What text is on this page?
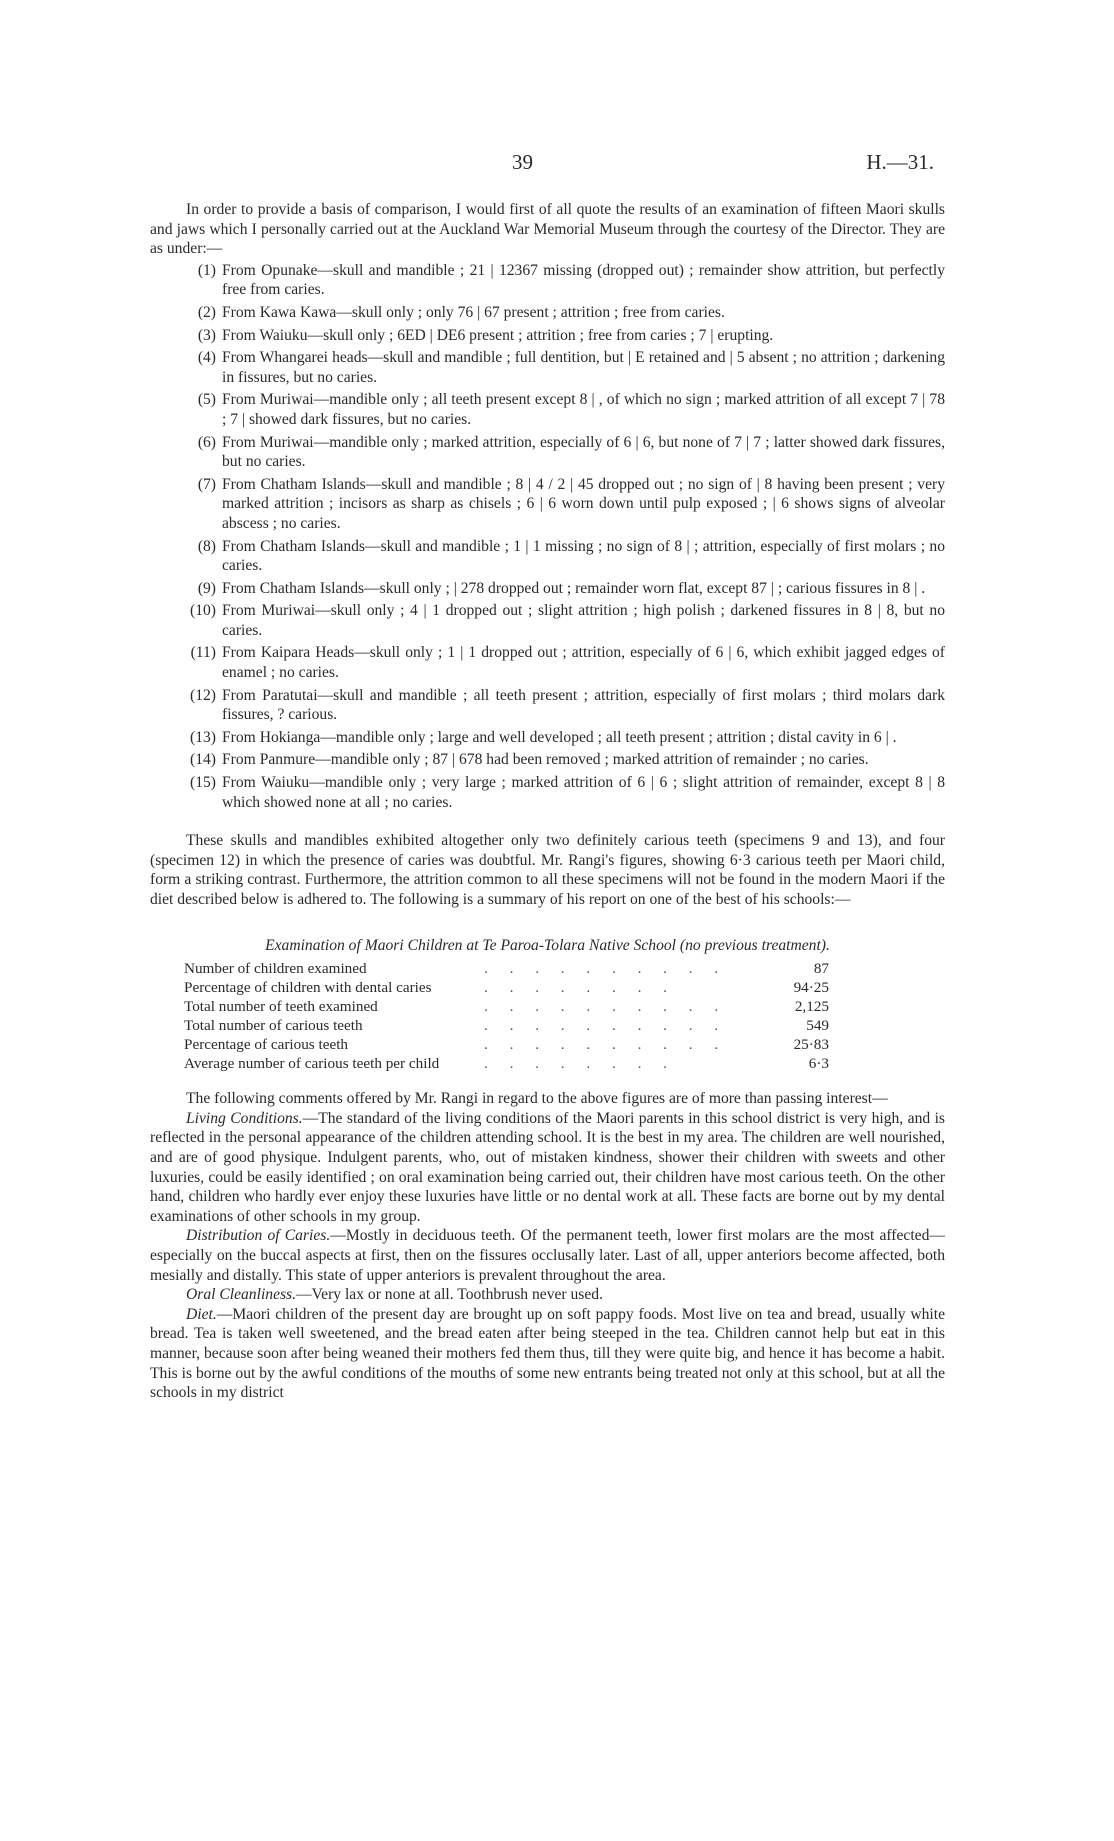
39	H.—31.

In order to provide a basis of comparison, I would first of all quote the results of an examination of fifteen Maori skulls and jaws which I personally carried out at the Auckland War Memorial Museum through the courtesy of the Director. They are as under:—

(1) From Opunake—skull and mandible ; 21 | 12367 missing (dropped out) ; remainder show attrition, but perfectly free from caries.
(2) From Kawa Kawa—skull only ; only 76 | 67 present ; attrition ; free from caries.
(3) From Waiuku—skull only ; 6ED | DE6 present ; attrition ; free from caries ; 7 | erupting.
(4) From Whangarei heads—skull and mandible ; full dentition, but | E retained and | 5 absent ; no attrition ; darkening in fissures, but no caries.
(5) From Muriwai—mandible only ; all teeth present except 8 | , of which no sign ; marked attrition of all except 7 | 78 ; 7 | showed dark fissures, but no caries.
(6) From Muriwai—mandible only ; marked attrition, especially of 6 | 6, but none of 7 | 7 ; latter showed dark fissures, but no caries.
(7) From Chatham Islands—skull and mandible ; 8 | 4 / 2 | 45 dropped out ; no sign of | 8 having been present ; very marked attrition ; incisors as sharp as chisels ; 6 | 6 worn down until pulp exposed ; | 6 shows signs of alveolar abscess ; no caries.
(8) From Chatham Islands—skull and mandible ; 1 | 1 missing ; no sign of 8 | ; attrition, especially of first molars ; no caries.
(9) From Chatham Islands—skull only ; | 278 dropped out ; remainder worn flat, except 87 | ; carious fissures in 8 | .
(10) From Muriwai—skull only ; 4 | 1 dropped out ; slight attrition ; high polish ; darkened fissures in 8 | 8, but no caries.
(11) From Kaipara Heads—skull only ; 1 | 1 dropped out ; attrition, especially of 6 | 6, which exhibit jagged edges of enamel ; no caries.
(12) From Paratutai—skull and mandible ; all teeth present ; attrition, especially of first molars ; third molars dark fissures, ? carious.
(13) From Hokianga—mandible only ; large and well developed ; all teeth present ; attrition ; distal cavity in 6 | .
(14) From Panmure—mandible only ; 87 | 678 had been removed ; marked attrition of remainder ; no caries.
(15) From Waiuku—mandible only ; very large ; marked attrition of 6 | 6 ; slight attrition of remainder, except 8 | 8 which showed none at all ; no caries.

These skulls and mandibles exhibited altogether only two definitely carious teeth (specimens 9 and 13), and four (specimen 12) in which the presence of caries was doubtful. Mr. Rangi's figures, showing 6·3 carious teeth per Maori child, form a striking contrast. Furthermore, the attrition common to all these specimens will not be found in the modern Maori if the diet described below is adhered to. The following is a summary of his report on one of the best of his schools:—

Examination of Maori Children at Te Paroa-Tolara Native School (no previous treatment).
Number of children examined	. . . . . . . . . .	87
Percentage of children with dental caries	. . . . . . . .	94·25
Total number of teeth examined	. . . . . . . . . .	2,125
Total number of carious teeth	. . . . . . . . . .	549
Percentage of carious teeth	. . . . . . . . . .	25·83
Average number of carious teeth per child	. . . . . . . .	6·3

The following comments offered by Mr. Rangi in regard to the above figures are of more than passing interest—

Living Conditions.—The standard of the living conditions of the Maori parents in this school district is very high, and is reflected in the personal appearance of the children attending school. It is the best in my area. The children are well nourished, and are of good physique. Indulgent parents, who, out of mistaken kindness, shower their children with sweets and other luxuries, could be easily identified ; on oral examination being carried out, their children have most carious teeth. On the other hand, children who hardly ever enjoy these luxuries have little or no dental work at all. These facts are borne out by my dental examinations of other schools in my group.

Distribution of Caries.—Mostly in deciduous teeth. Of the permanent teeth, lower first molars are the most affected—especially on the buccal aspects at first, then on the fissures occlusally later. Last of all, upper anteriors become affected, both mesially and distally. This state of upper anteriors is prevalent throughout the area.

Oral Cleanliness.—Very lax or none at all. Toothbrush never used.

Diet.—Maori children of the present day are brought up on soft pappy foods. Most live on tea and bread, usually white bread. Tea is taken well sweetened, and the bread eaten after being steeped in the tea. Children cannot help but eat in this manner, because soon after being weaned their mothers fed them thus, till they were quite big, and hence it has become a habit. This is borne out by the awful conditions of the mouths of some new entrants being treated not only at this school, but at all the schools in my district
